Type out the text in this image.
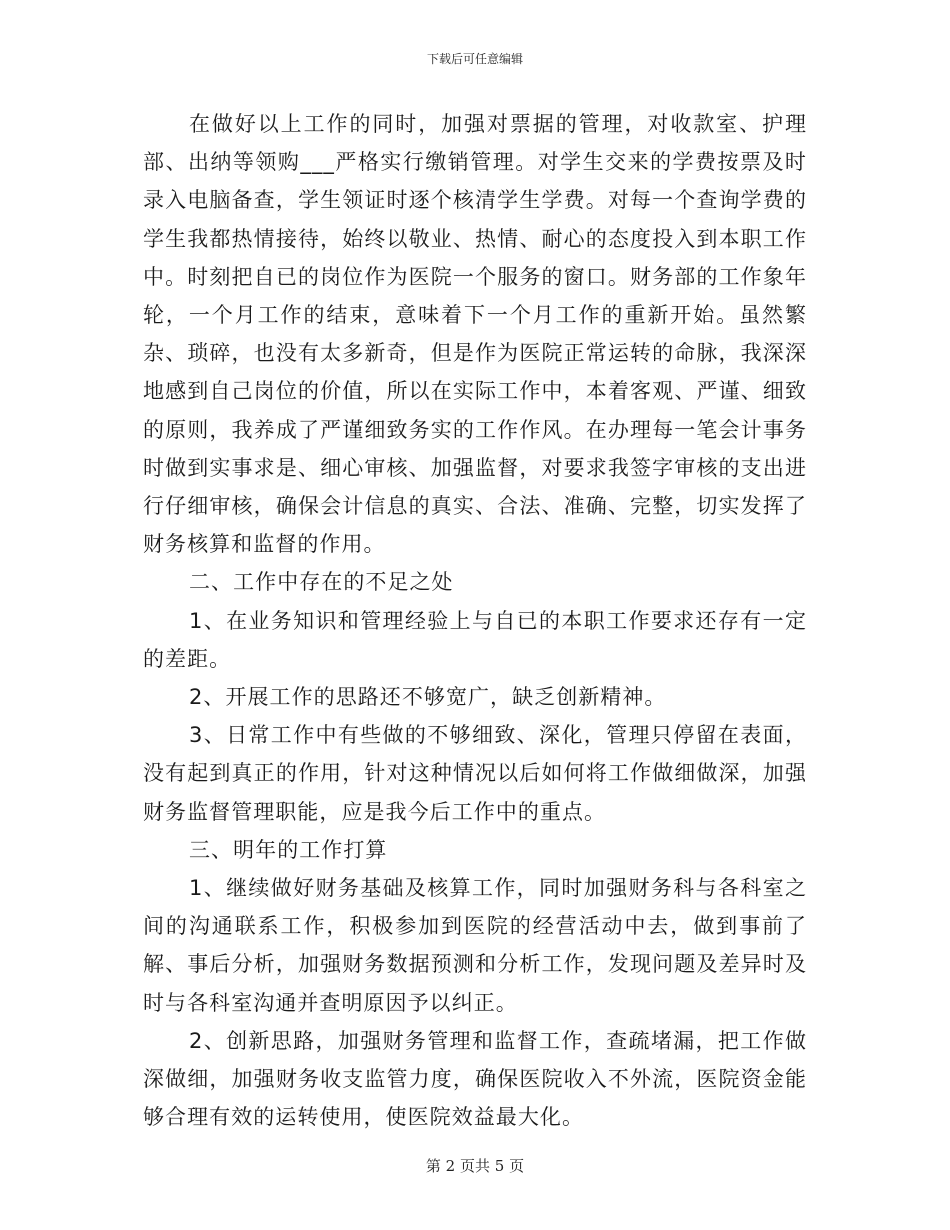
下载后可任意编辑

在做好以上工作的同时，加强对票据的管理，对收款室、护理部、出纳等领购___严格实行缴销管理。对学生交来的学费按票及时录入电脑备查，学生领证时逐个核清学生学费。对每一个查询学费的学生我都热情接待，始终以敬业、热情、耐心的态度投入到本职工作中。时刻把自已的岗位作为医院一个服务的窗口。财务部的工作象年轮，一个月工作的结束，意味着下一个月工作的重新开始。虽然繁杂、琐碎，也没有太多新奇，但是作为医院正常运转的命脉，我深深地感到自己岗位的价值，所以在实际工作中，本着客观、严谨、细致的原则，我养成了严谨细致务实的工作作风。在办理每一笔会计事务时做到实事求是、细心审核、加强监督，对要求我签字审核的支出进行仔细审核，确保会计信息的真实、合法、准确、完整，切实发挥了财务核算和监督的作用。

二、工作中存在的不足之处

1、在业务知识和管理经验上与自已的本职工作要求还存有一定的差距。

2、开展工作的思路还不够宽广，缺乏创新精神。

3、日常工作中有些做的不够细致、深化，管理只停留在表面，没有起到真正的作用，针对这种情况以后如何将工作做细做深，加强财务监督管理职能，应是我今后工作中的重点。

三、明年的工作打算

1、继续做好财务基础及核算工作，同时加强财务科与各科室之间的沟通联系工作，积极参加到医院的经营活动中去，做到事前了解、事后分析，加强财务数据预测和分析工作，发现问题及差异时及时与各科室沟通并查明原因予以纠正。

2、创新思路，加强财务管理和监督工作，查疏堵漏，把工作做深做细，加强财务收支监管力度，确保医院收入不外流，医院资金能够合理有效的运转使用，使医院效益最大化。

第 2 页共 5 页
